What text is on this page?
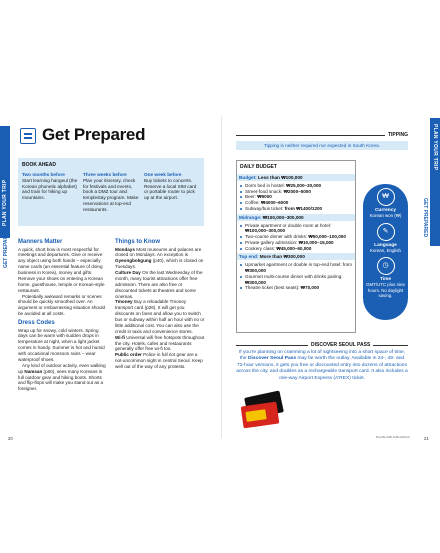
PLAN YOUR TRIP
GET PREPARED
PLAN YOUR TRIP
GET PREPARED
Get Prepared
BOOK AHEAD
Two months before
Start learning hangeul (the Korean phonetic alphabet) and train for hiking up mountains.
Three weeks before
Plan your itinerary, check for festivals and events, book a DMZ tour and templestay program. Make reservations at top-end restaurants.
One week before
Buy tickets to concerts. Reserve a local SIM card or portable router to pick up at the airport.
Manners Matter

A quick, short bow is most respectful for meetings and departures. Give or receive any object using both hands – especially name cards (an essential feature of doing business in Korea), money and gifts. Remove your shoes on entering a Korean home, guesthouse, temple or Korean-style restaurant.

Potentially awkward remarks or scenes should be quickly smoothed over. An argument or embarrassing situation should be avoided at all costs.

Dress Codes

Wrap up for snowy, cold winters. Spring days can be warm with sudden drops in temperature at night, when a light jacket comes in handy. Summer is hot and humid with occasional monsoon rains – wear waterproof shoes.

Any kind of outdoor activity, even walking up Namsan (p60), sees many Koreans in full outdoor gear and hiking boots. Shorts and flip-flops will make you stand out as a foreigner.

Things to Know

Mondays Most museums and palaces are closed on Mondays. An exception is Gyeongbokgung (p40), which is closed on Tuesdays.

Culture Day On the last Wednesday of the month, many tourist attractions offer free admission. There are also free or discounted tickets at theatres and some cinemas.

Tmoney Buy a reloadable Tmoney transport card (p26). It will get you discounts on fares and allow you to switch bus or subway within half an hour with no or little additional cost. You can also use the credit in taxis and convenience stores.

Wi-fi Universal wifi free hotspots throughout the city. Hotels, cafes and restaurants generally offer free wi-fi too.

Public order Police in full riot gear are a not-uncommon sight in central Seoul. Keep well out of the way of any protests.

20
TIPPING
Tipping is neither required nor expected in South Korea.
DAILY BUDGET
Budget: Less than ₩100,000
Dorm bed in hostel: ₩25,000–30,000
Street-food snack: ₩2000–5000
Beer: ₩5000
Coffee: ₩4000–6000
Subway/bus ticket: from ₩1400/1200
Midrange: ₩100,000–300,000
Private apartment or double room at hotel: ₩100,000–300,000
Two-course dinner with drinks: ₩50,000–100,000
Private gallery admission: ₩10,000–15,000
Cookery class: ₩45,000–60,000
Top end: More than ₩300,000
Upmarket apartment or double in top-end hotel: from ₩300,000
Gourmet multi-course dinner with drinks pairing: ₩300,000
Theatre ticket (best seats): ₩70,000
₩
Currency
Korean won (₩)
✎
Language
Korean, English
◷
Time
GMT/UTC plus nine hours. No daylight saving.
DISCOVER SEOUL PASS

If you're planning on cramming a lot of sightseeing into a short space of time, the Discover Seoul Pass may be worth the outlay. Available in 24-, 48- and 72-hour versions, it gets you free or discounted entry into dozens of attractions across the city, and doubles as a rechargeable transport card. It also includes a one-way Airport Express (A'REX) ticket.

BLAHBLAHBLAHBLAHBLAH	21
